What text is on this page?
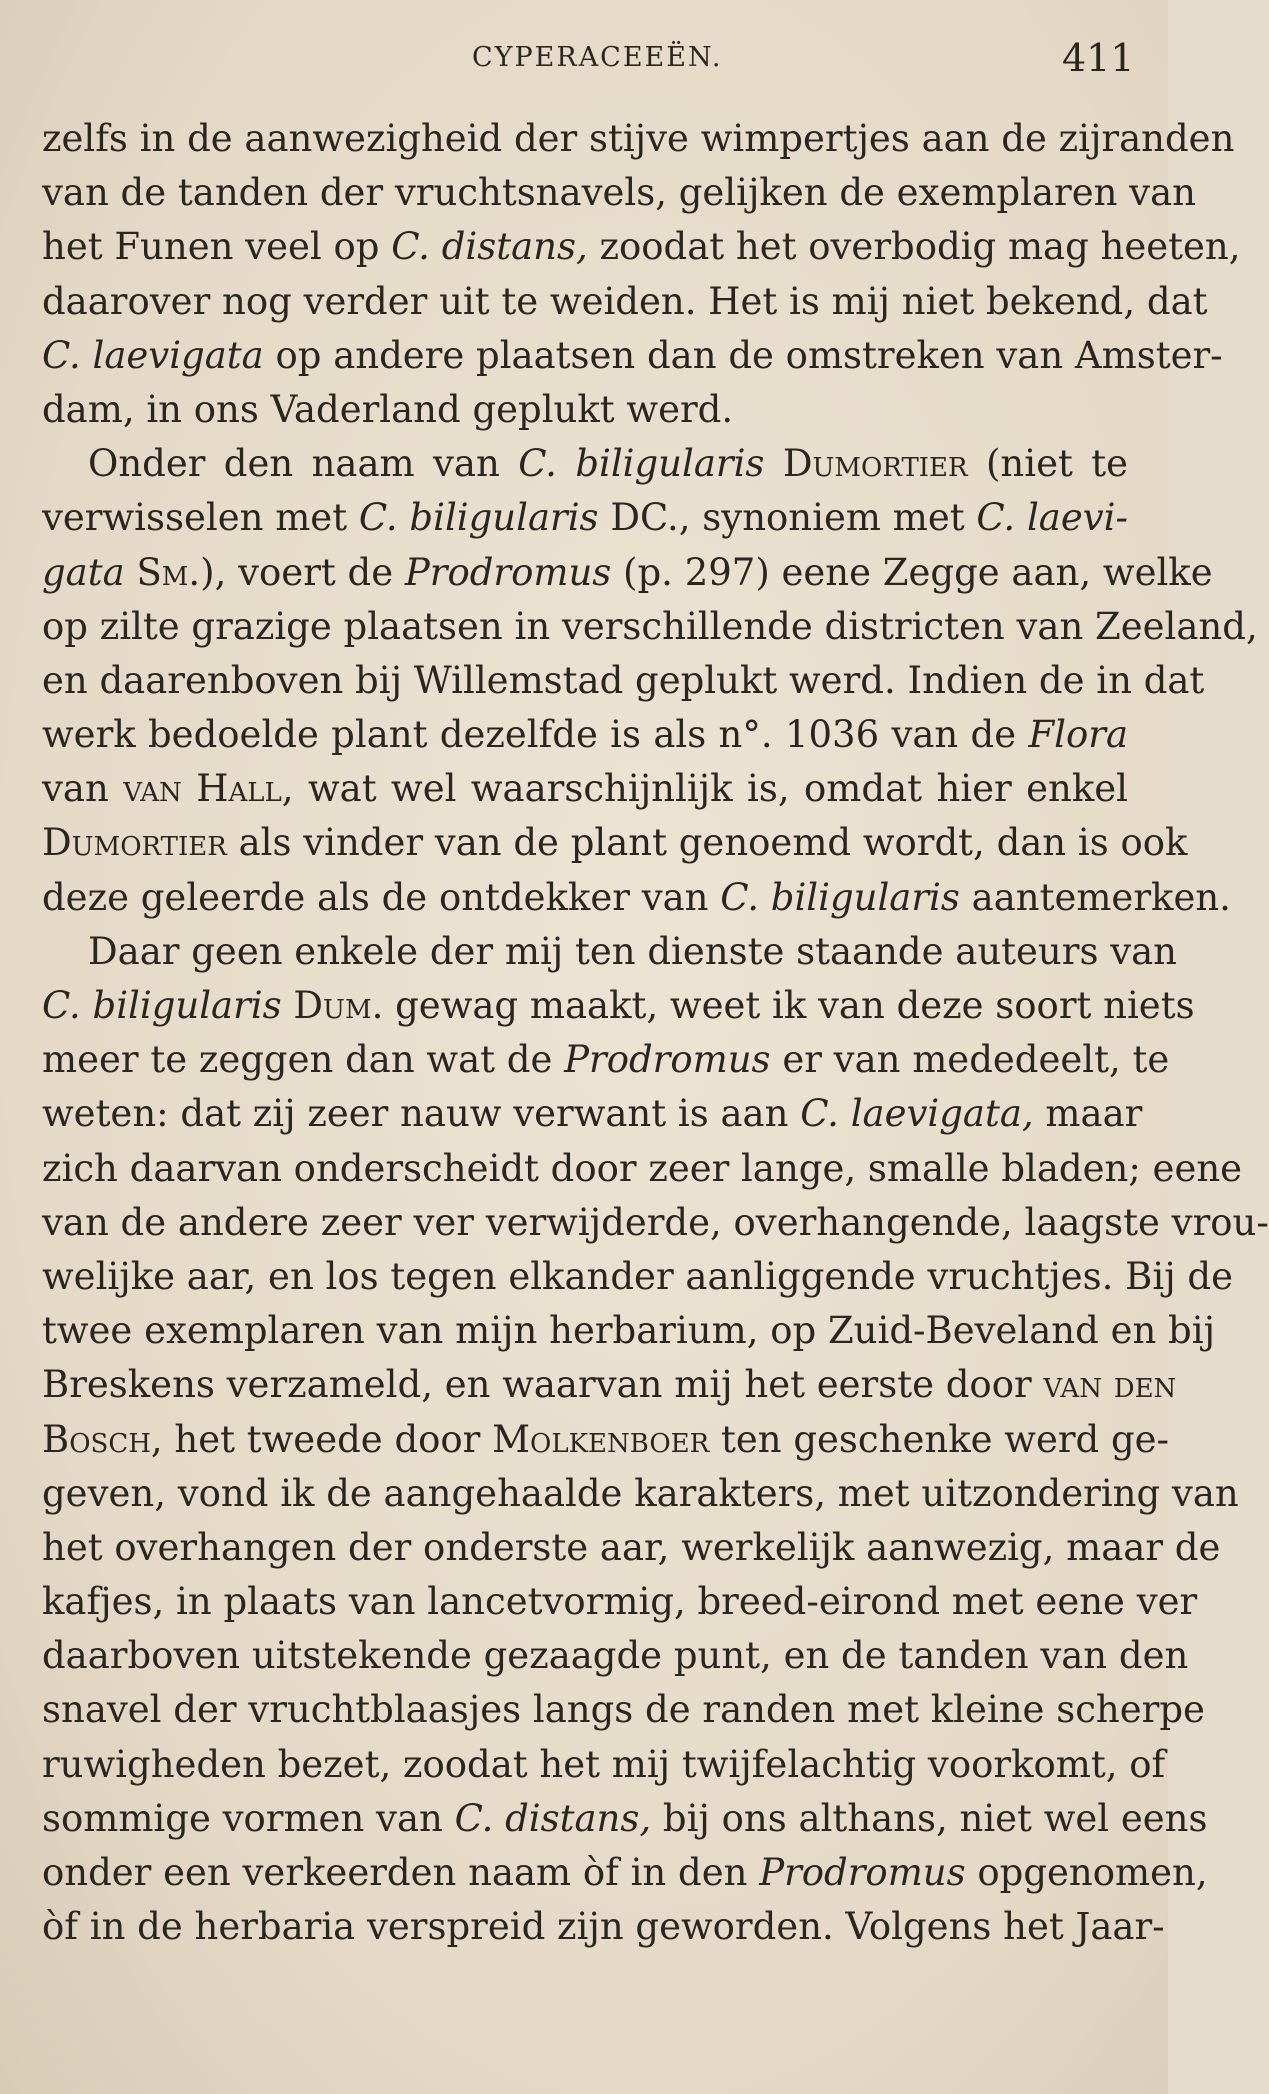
CYPERACEEËN.	411
zelfs in de aanwezigheid der stijve wimpertjes aan de zijranden
van de tanden der vruchtsnavels, gelijken de exemplaren van
het Funen veel op C. distans, zoodat het overbodig mag heeten,
daarover nog verder uit te weiden. Het is mij niet bekend, dat
C. laevigata op andere plaatsen dan de omstreken van Amster-
dam, in ons Vaderland geplukt werd.
Onder den naam van C. biligularis Dumortier (niet te
verwisselen met C. biligularis DC., synoniem met C. laevi-
gata Sm.), voert de Prodromus (p. 297) eene Zegge aan, welke
op zilte grazige plaatsen in verschillende districten van Zeeland,
en daarenboven bij Willemstad geplukt werd. Indien de in dat
werk bedoelde plant dezelfde is als n°. 1036 van de Flora
van van Hall, wat wel waarschijnlijk is, omdat hier enkel
Dumortier als vinder van de plant genoemd wordt, dan is ook
deze geleerde als de ontdekker van C. biligularis aantemerken.
Daar geen enkele der mij ten dienste staande auteurs van
C. biligularis Dum. gewag maakt, weet ik van deze soort niets
meer te zeggen dan wat de Prodromus er van mededeelt, te
weten: dat zij zeer nauw verwant is aan C. laevigata, maar
zich daarvan onderscheidt door zeer lange, smalle bladen; eene
van de andere zeer ver verwijderde, overhangende, laagste vrou-
welijke aar, en los tegen elkander aanliggende vruchtjes. Bij de
twee exemplaren van mijn herbarium, op Zuid-Beveland en bij
Breskens verzameld, en waarvan mij het eerste door van den
Bosch, het tweede door Molkenboer ten geschenke werd ge-
geven, vond ik de aangehaalde karakters, met uitzondering van
het overhangen der onderste aar, werkelijk aanwezig, maar de
kafjes, in plaats van lancetvormig, breed-eirond met eene ver
daarboven uitstekende gezaagde punt, en de tanden van den
snavel der vruchtblaasjes langs de randen met kleine scherpe
ruwigheden bezet, zoodat het mij twijfelachtig voorkomt, of
sommige vormen van C. distans, bij ons althans, niet wel eens
onder een verkeerden naam òf in den Prodromus opgenomen,
òf in de herbaria verspreid zijn geworden. Volgens het Jaar-
